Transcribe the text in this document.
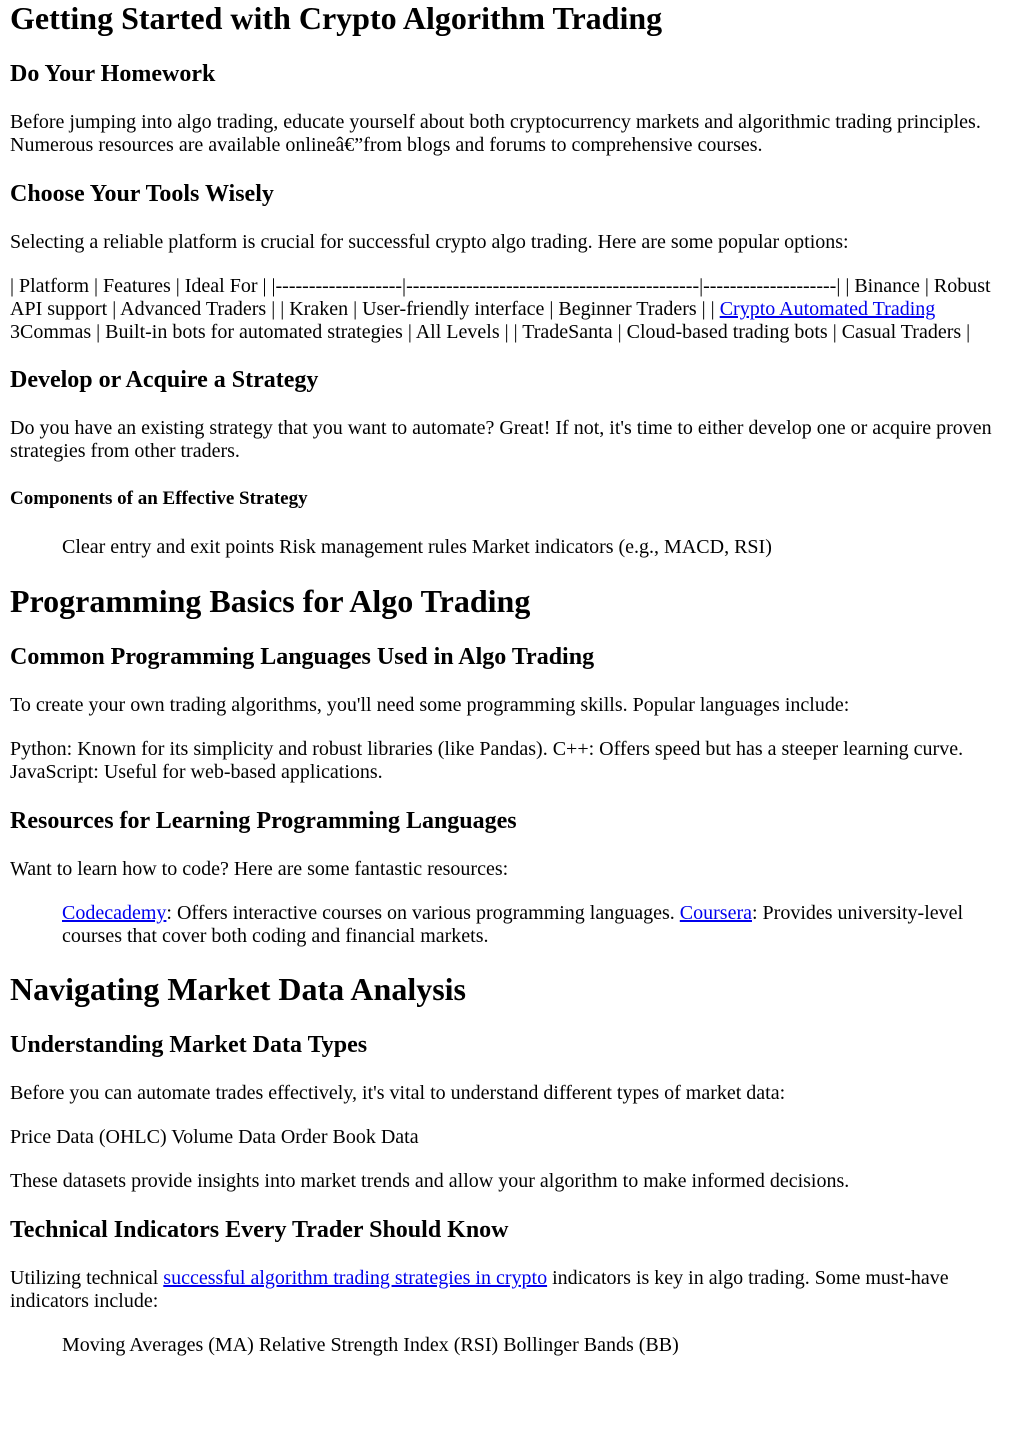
Getting Started with Crypto Algorithm Trading
Do Your Homework

Before jumping into algo trading, educate yourself about both cryptocurrency markets and algorithmic trading principles. Numerous resources are available onlineâ€”from blogs and forums to comprehensive courses.

Choose Your Tools Wisely

Selecting a reliable platform is crucial for successful crypto algo trading. Here are some popular options:

| Platform | Features | Ideal For | |-------------------|--------------------------------------------|--------------------| | Binance | Robust API support | Advanced Traders | | Kraken | User-friendly interface | Beginner Traders | | Crypto Automated Trading 3Commas | Built-in bots for automated strategies | All Levels | | TradeSanta | Cloud-based trading bots | Casual Traders |

Develop or Acquire a Strategy

Do you have an existing strategy that you want to automate? Great! If not, it's time to either develop one or acquire proven strategies from other traders.

Components of an Effective Strategy
Clear entry and exit points Risk management rules Market indicators (e.g., MACD, RSI)
Programming Basics for Algo Trading
Common Programming Languages Used in Algo Trading

To create your own trading algorithms, you'll need some programming skills. Popular languages include:

Python: Known for its simplicity and robust libraries (like Pandas). C++: Offers speed but has a steeper learning curve. JavaScript: Useful for web-based applications.

Resources for Learning Programming Languages

Want to learn how to code? Here are some fantastic resources:

Codecademy: Offers interactive courses on various programming languages. Coursera: Provides university-level courses that cover both coding and financial markets.
Navigating Market Data Analysis
Understanding Market Data Types

Before you can automate trades effectively, it's vital to understand different types of market data:

Price Data (OHLC) Volume Data Order Book Data

These datasets provide insights into market trends and allow your algorithm to make informed decisions.

Technical Indicators Every Trader Should Know

Utilizing technical successful algorithm trading strategies in crypto indicators is key in algo trading. Some must-have indicators include:

Moving Averages (MA) Relative Strength Index (RSI) Bollinger Bands (BB)
